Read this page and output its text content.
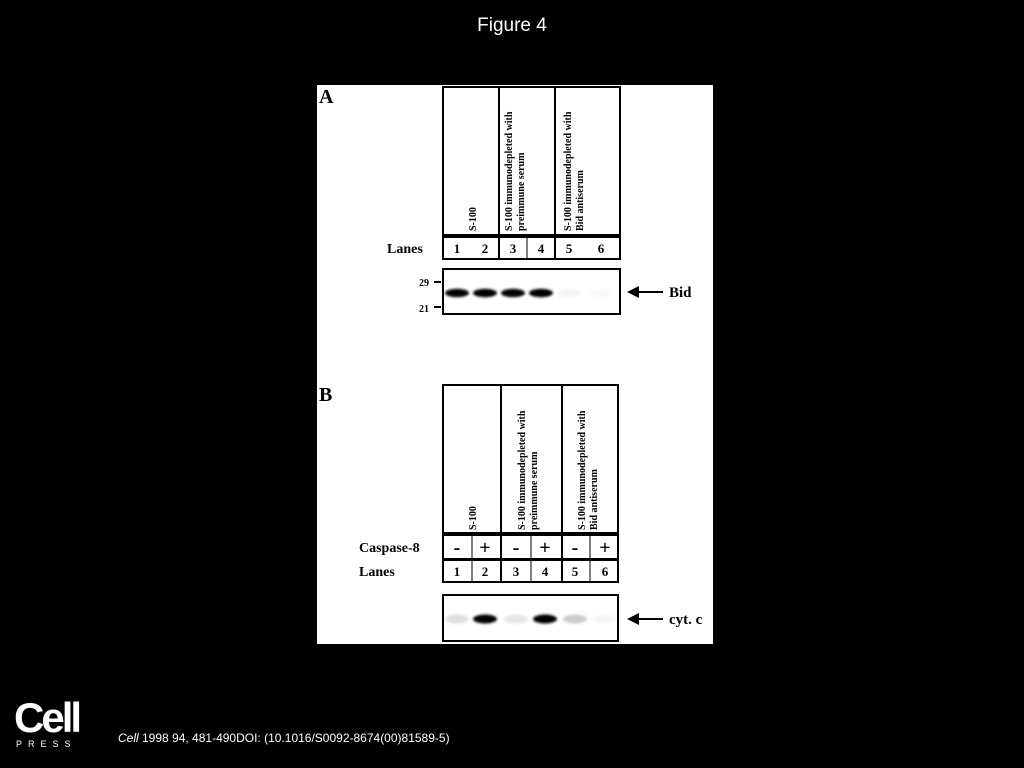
Figure 4
A
S-100	S-100 immunodepleted with preimmune serum	S-100 immunodepleted with Bid antiserum
Lanes 1 2 3 4 5 6
29
21
Bid
B
S-100	S-100 immunodepleted with preimmune serum	S-100 immunodepleted with Bid antiserum
Caspase-8 - + - + - +
Lanes	1 2 3 4 5 6
cyt. c
Cell
PRESS	Cell 1998 94, 481-490DOI: (10.1016/S0092-8674(00)81589-5)
